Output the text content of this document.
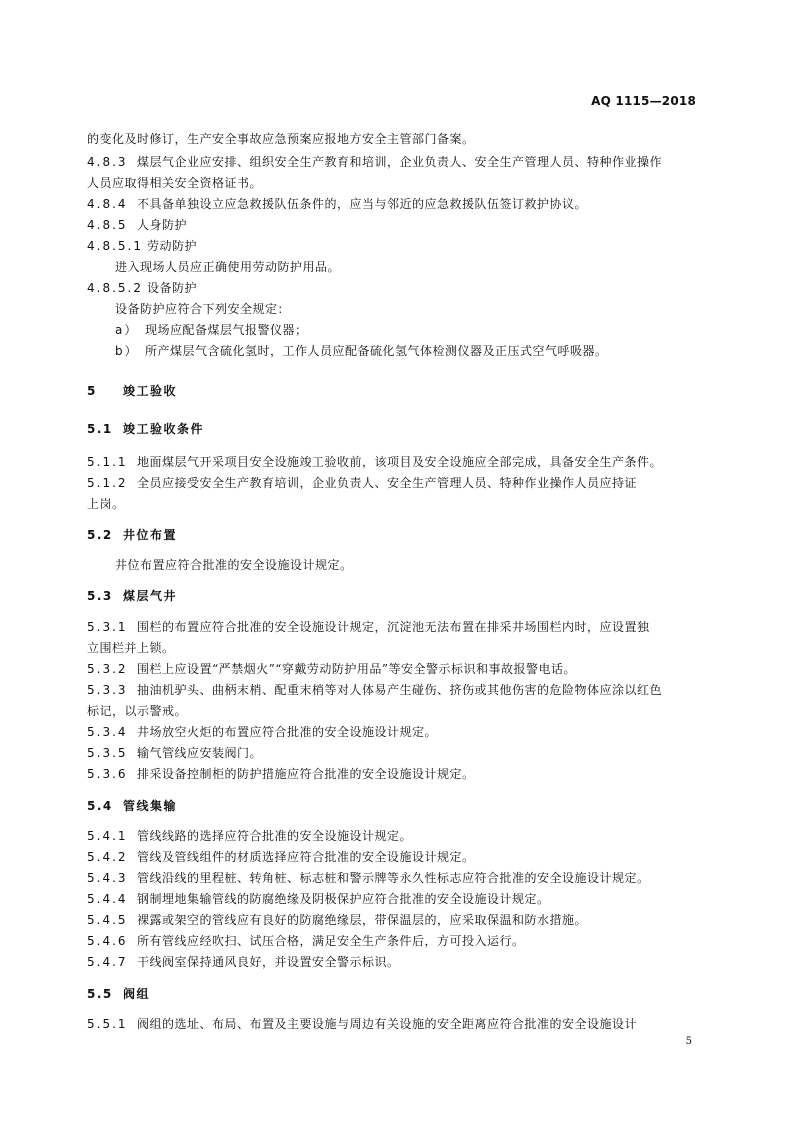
AQ 1115—2018
的变化及时修订，生产安全事故应急预案应报地方安全主管部门备案。
4.8.3 煤层气企业应安排、组织安全生产教育和培训，企业负责人、安全生产管理人员、特种作业操作
人员应取得相关安全资格证书。
4.8.4 不具备单独设立应急救援队伍条件的，应当与邻近的应急救援队伍签订救护协议。
4.8.5 人身防护
4.8.5.1 劳动防护
进入现场人员应正确使用劳动防护用品。
4.8.5.2 设备防护
设备防护应符合下列安全规定：
a） 现场应配备煤层气报警仪器；
b） 所产煤层气含硫化氢时，工作人员应配备硫化氢气体检测仪器及正压式空气呼吸器。
5 竣工验收
5.1 竣工验收条件
5.1.1 地面煤层气开采项目安全设施竣工验收前，该项目及安全设施应全部完成，具备安全生产条件。
5.1.2 全员应接受安全生产教育培训，企业负责人、安全生产管理人员、特种作业操作人员应持证
上岗。
5.2 井位布置
井位布置应符合批准的安全设施设计规定。
5.3 煤层气井
5.3.1 围栏的布置应符合批准的安全设施设计规定，沉淀池无法布置在排采井场围栏内时，应设置独
立围栏并上锁。
5.3.2 围栏上应设置“严禁烟火”“穿戴劳动防护用品”等安全警示标识和事故报警电话。
5.3.3 抽油机驴头、曲柄末梢、配重末梢等对人体易产生碰伤、挤伤或其他伤害的危险物体应涂以红色
标记，以示警戒。
5.3.4 井场放空火炬的布置应符合批准的安全设施设计规定。
5.3.5 输气管线应安装阀门。
5.3.6 排采设备控制柜的防护措施应符合批准的安全设施设计规定。
5.4 管线集输
5.4.1 管线线路的选择应符合批准的安全设施设计规定。
5.4.2 管线及管线组件的材质选择应符合批准的安全设施设计规定。
5.4.3 管线沿线的里程桩、转角桩、标志桩和警示牌等永久性标志应符合批准的安全设施设计规定。
5.4.4 钢制埋地集输管线的防腐绝缘及阴极保护应符合批准的安全设施设计规定。
5.4.5 裸露或架空的管线应有良好的防腐绝缘层，带保温层的，应采取保温和防水措施。
5.4.6 所有管线应经吹扫、试压合格，满足安全生产条件后，方可投入运行。
5.4.7 干线阀室保持通风良好，并设置安全警示标识。
5.5 阀组
5.5.1 阀组的选址、布局、布置及主要设施与周边有关设施的安全距离应符合批准的安全设施设计
5
